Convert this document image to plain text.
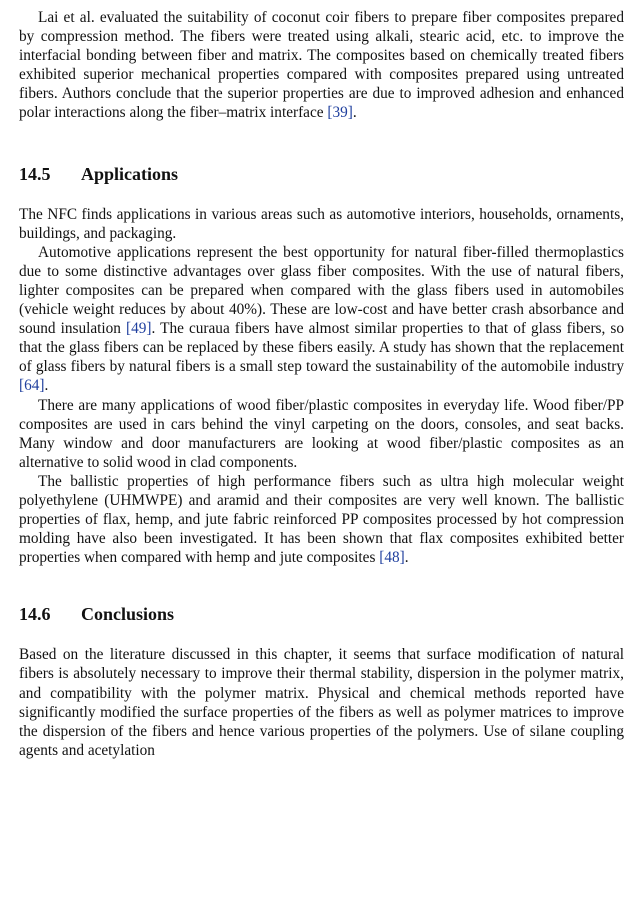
Lai et al. evaluated the suitability of coconut coir fibers to prepare fiber composites prepared by compression method. The fibers were treated using alkali, stearic acid, etc. to improve the interfacial bonding between fiber and matrix. The composites based on chemically treated fibers exhibited superior mechanical properties compared with composites prepared using untreated fibers. Authors conclude that the superior properties are due to improved adhesion and enhanced polar interactions along the fiber–matrix interface [39].

14.5 Applications

The NFC finds applications in various areas such as automotive interiors, households, ornaments, buildings, and packaging.

Automotive applications represent the best opportunity for natural fiber-filled thermoplastics due to some distinctive advantages over glass fiber composites. With the use of natural fibers, lighter composites can be prepared when compared with the glass fibers used in automobiles (vehicle weight reduces by about 40%). These are low-cost and have better crash absorbance and sound insulation [49]. The curaua fibers have almost similar properties to that of glass fibers, so that the glass fibers can be replaced by these fibers easily. A study has shown that the replacement of glass fibers by natural fibers is a small step toward the sustainability of the automobile industry [64].

There are many applications of wood fiber/plastic composites in everyday life. Wood fiber/PP composites are used in cars behind the vinyl carpeting on the doors, consoles, and seat backs. Many window and door manufacturers are looking at wood fiber/plastic composites as an alternative to solid wood in clad components.

The ballistic properties of high performance fibers such as ultra high molecular weight polyethylene (UHMWPE) and aramid and their composites are very well known. The ballistic properties of flax, hemp, and jute fabric reinforced PP composites processed by hot compression molding have also been investigated. It has been shown that flax composites exhibited better properties when compared with hemp and jute composites [48].

14.6 Conclusions

Based on the literature discussed in this chapter, it seems that surface modification of natural fibers is absolutely necessary to improve their thermal stability, dispersion in the polymer matrix, and compatibility with the polymer matrix. Physical and chemical methods reported have significantly modified the surface properties of the fibers as well as polymer matrices to improve the dispersion of the fibers and hence various properties of the polymers. Use of silane coupling agents and acetylation
